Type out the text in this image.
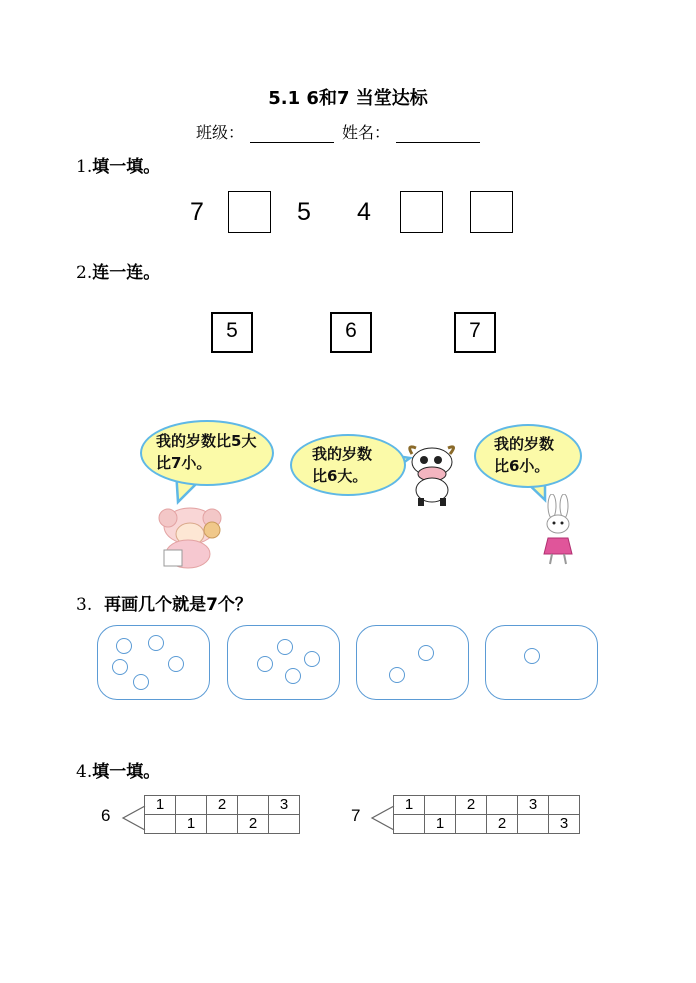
5.1 6和7 当堂达标
班级：	姓名：
1.填一填。
7	5 4
2.连一连。
5	6	7
我的岁数比5大比7小。	我的岁数比6大。
我的岁数比6小。
3. 再画几个就是7个？
4.填一填。
6
1		2		3
	1		2		7
1		2		3	
	1		2		3
